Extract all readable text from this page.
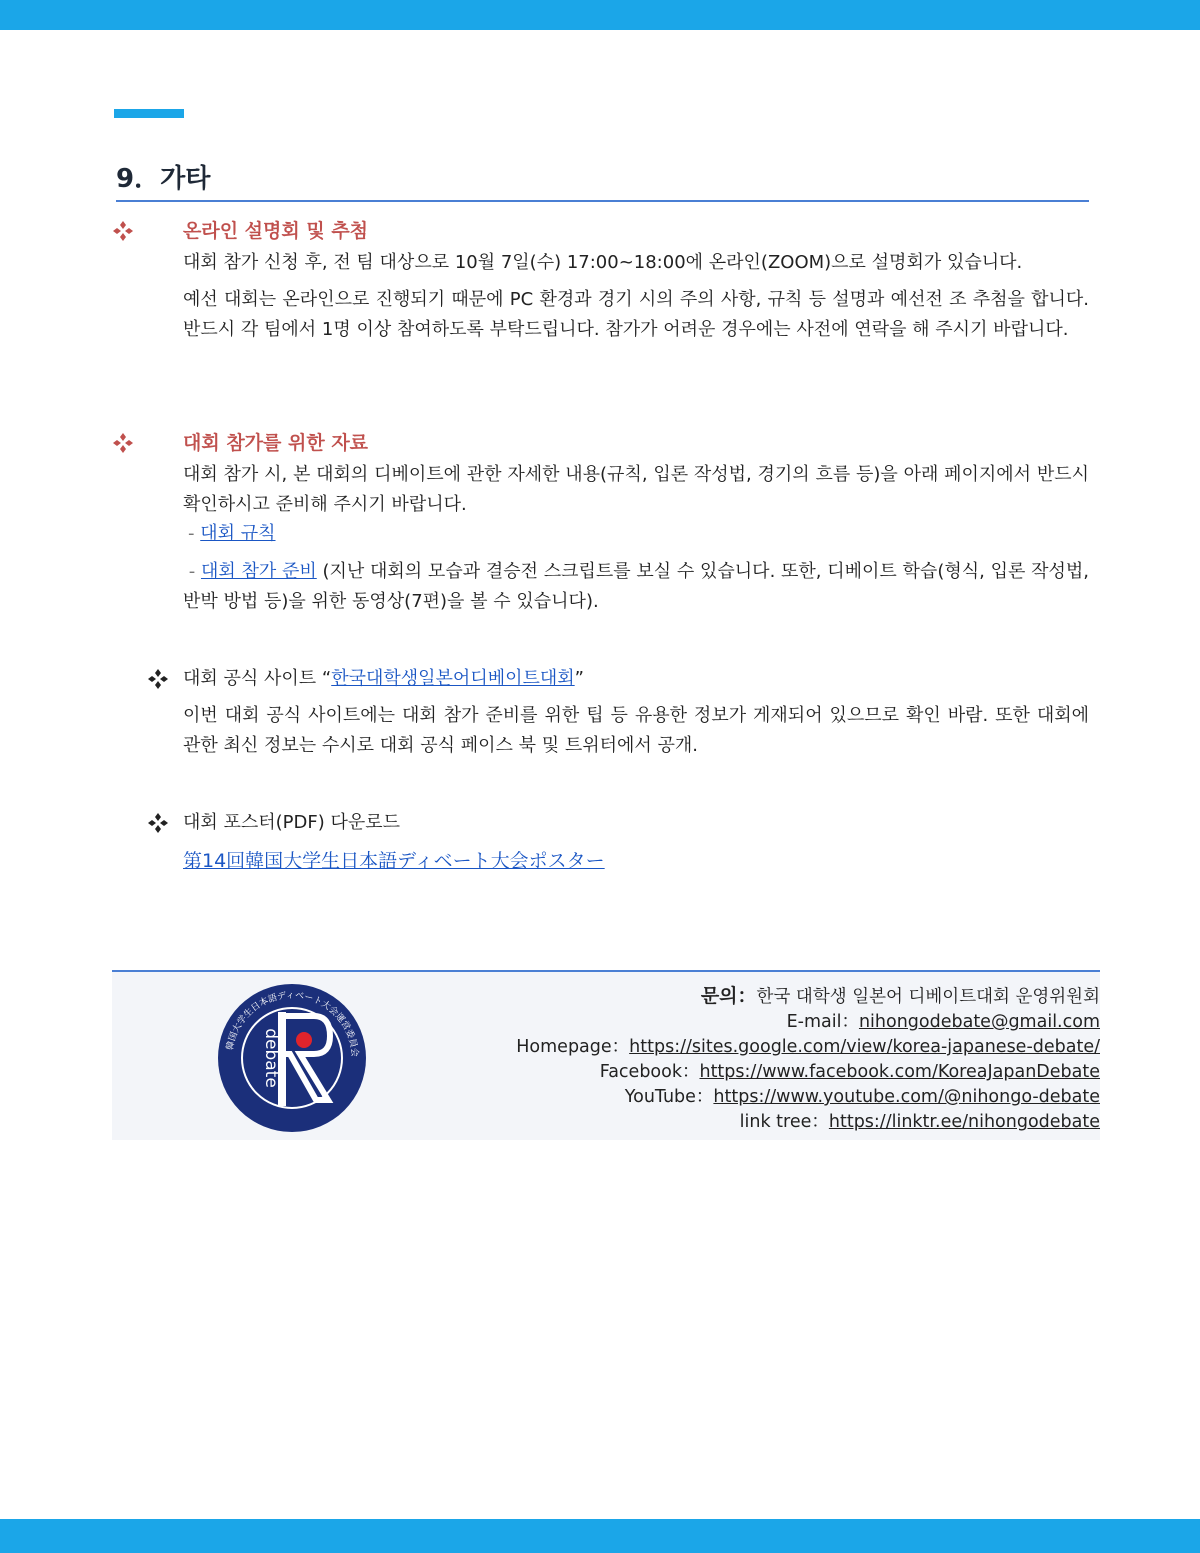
9．가타
온라인 설명회 및 추첨
대회 참가 신청 후, 전 팀 대상으로 10월 7일(수) 17:00~18:00에 온라인(ZOOM)으로 설명회가 있습니다.
예선 대회는 온라인으로 진행되기 때문에 PC 환경과 경기 시의 주의 사항, 규칙 등 설명과 예선전 조 추첨을 합니다. 반드시 각 팀에서 1명 이상 참여하도록 부탁드립니다. 참가가 어려운 경우에는 사전에 연락을 해 주시기 바랍니다.
대회 참가를 위한 자료
대회 참가 시, 본 대회의 디베이트에 관한 자세한 내용(규칙, 입론 작성법, 경기의 흐름 등)을 아래 페이지에서 반드시 확인하시고 준비해 주시기 바랍니다.
- 대회 규칙
- 대회 참가 준비 (지난 대회의 모습과 결승전 스크립트를 보실 수 있습니다. 또한, 디베이트 학습(형식, 입론 작성법, 반박 방법 등)을 위한 동영상(7편)을 볼 수 있습니다).
대회 공식 사이트 “한국대학생일본어디베이트대회”
이번 대회 공식 사이트에는 대회 참가 준비를 위한 팁 등 유용한 정보가 게재되어 있으므로 확인 바람. 또한 대회에 관한 최신 정보는 수시로 대회 공식 페이스 북 및 트위터에서 공개.
대회 포스터(PDF) 다운로드
第14回韓国大学生日本語ディベート大会ポスター
韓国大学生日本語ディベート大会運営委員会
debate
문의：한국 대학생 일본어 디베이트대회 운영위원회
E-mail：nihongodebate@gmail.com
Homepage：https://sites.google.com/view/korea-japanese-debate/
Facebook：https://www.facebook.com/KoreaJapanDebate
YouTube：https://www.youtube.com/@nihongo-debate
link tree：https://linktr.ee/nihongodebate
